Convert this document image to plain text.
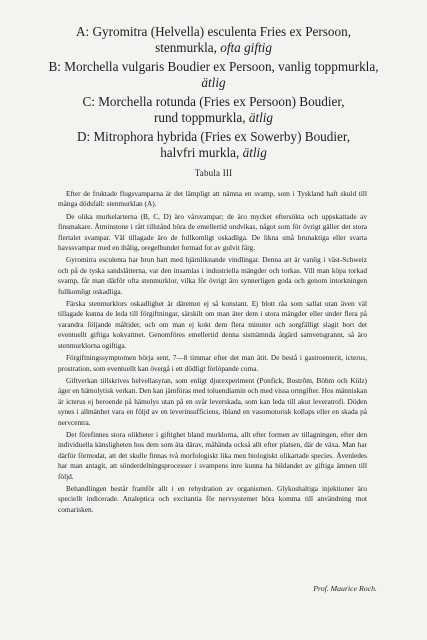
A: Gyromitra (Helvella) esculenta Fries ex Persoon,
stenmurkla, ofta giftig

B: Morchella vulgaris Boudier ex Persoon, vanlig toppmurkla,
ätlig

C: Morchella rotunda (Fries ex Persoon) Boudier,
rund toppmurkla, ätlig

D: Mitrophora hybrida (Fries ex Sowerby) Boudier,
halvfri murkla, ätlig

Tabula III

Efter de fruktade flugsvamparna är det lämpligt att nämna en svamp, som i Tyskland haft skuld till många dödsfall: stenmurklan (A).

De olika murkelarterna (B, C, D) äro vårsvampar; de äro mycket eftersökta och uppskattade av finsmakare. Ätminstone i rått tillstånd böra de emellertid undvikas, något som för övrigt gäller det stora flertalet svampar. Väl tillagade äro de fullkomligt oskadliga. De likna små brunaktiga eller svarta havssvampar med en ihålig, oregelbundet formad fot av gulvit färg.

Gyromitra esculenta har brun hatt med hjärnliknande vindlingar. Denna art är vanlig i väst-Schweiz och på de tyska sandslätterna, var den insamlas i industriella mängder och torkas. Vill man köpa torkad svamp, får man därför ofta stenmurklor, vilka för övrigt äro synnerligen goda och genom intorkningen fullkomligt oskadliga.

Färska stenmurklors oskadlighet är däremot ej så konstant. Ej blott råa som sallat utan även väl tillagade kunna de leda till förgiftningar, särskilt om man äter dem i stora mängder eller under flera på varandra följande måltider, och om man ej kokt dem flera minuter och sorgfälligt slagit bort det eventuellt giftiga kokvattnet. Genomföres emellertid denna sistnämnda åtgärd samvetsgrannt, så äro stenmurklorna ogiftiga.

Förgiftningssymptomen börja sent, 7—8 timmar efter det man ätit. De bestå i gastroenterit, icterus, prostration, som eventuellt kan övergå i ett dödligt förlöpande coma.

Giftverkan tillskrives helvellasyran, som enligt djurexperiment (Ponfick, Bostrõm, Böhm och Külz) äger en hämolytisk verkan. Den kan jämföras med toluendiamin och med vissa ormgifter. Hos människan är icterus ej beroende på hämolys utan på en svår leverskada, som kan leda till akut leveratrofi. Döden synes i allmänhet vara en följd av en leverinsufficiens, ibland en vasomotorisk kollaps eller en skada på nervcentra.

Det förefinnes stora olikheter i giftighet bland murklorna, allt efter formen av tillagningen, efter den individuella känsligheten hos dem som äta därav, måhända också allt efter platsen, där de växa. Man har därför förmodat, att det skulle finnas två morfologiskt lika men biologiskt olikartade species. Ävenledes har man antagit, att sönderdelningsprocesser i svampens inre kunna ha bildandet av giftiga ämnen till följd.

Behandlingen består framför allt i en rehydration av organismen. Glykoshaltiga injektioner äro speciellt indicerade. Analeptica och excitantia för nervsystemet böra komma till användning mot comarisken.

Prof. Maurice Roch.
